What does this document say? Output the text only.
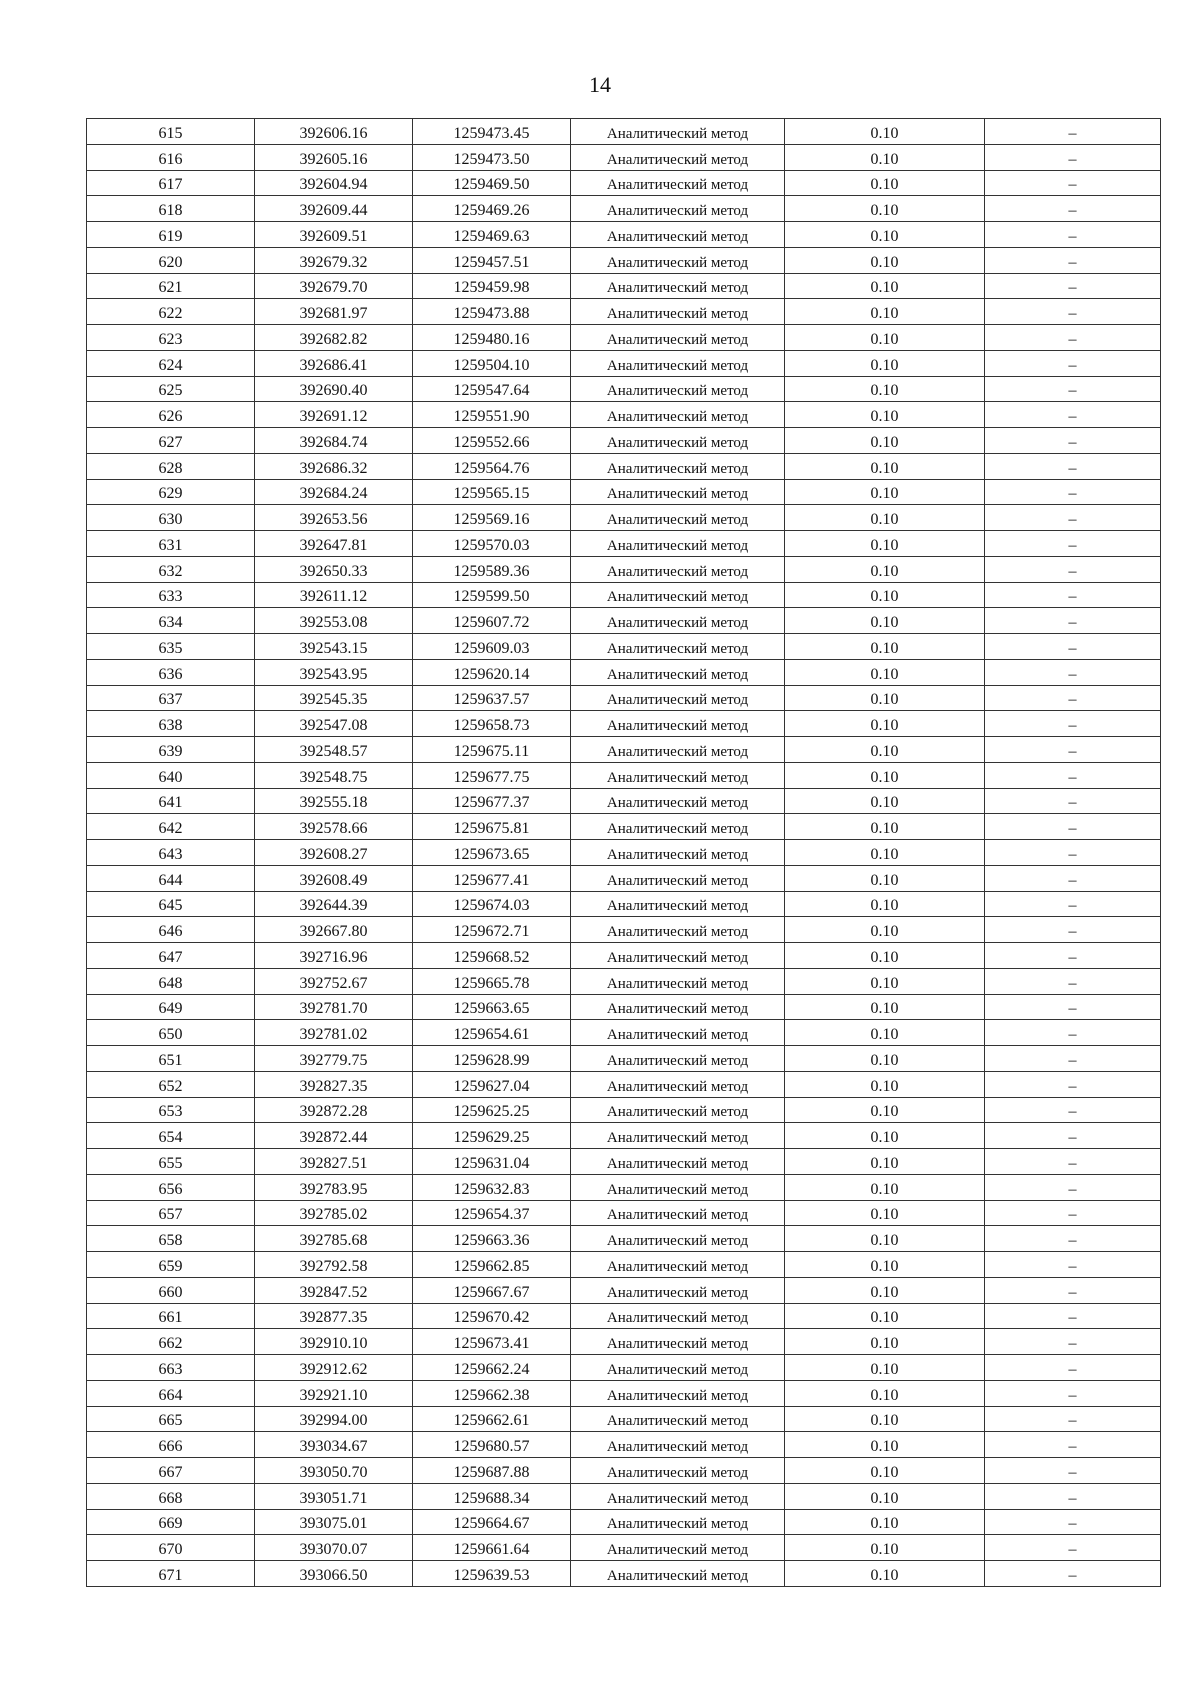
14
615	392606.16	1259473.45	Аналитический метод	0.10	–
616	392605.16	1259473.50	Аналитический метод	0.10	–
617	392604.94	1259469.50	Аналитический метод	0.10	–
618	392609.44	1259469.26	Аналитический метод	0.10	–
619	392609.51	1259469.63	Аналитический метод	0.10	–
620	392679.32	1259457.51	Аналитический метод	0.10	–
621	392679.70	1259459.98	Аналитический метод	0.10	–
622	392681.97	1259473.88	Аналитический метод	0.10	–
623	392682.82	1259480.16	Аналитический метод	0.10	–
624	392686.41	1259504.10	Аналитический метод	0.10	–
625	392690.40	1259547.64	Аналитический метод	0.10	–
626	392691.12	1259551.90	Аналитический метод	0.10	–
627	392684.74	1259552.66	Аналитический метод	0.10	–
628	392686.32	1259564.76	Аналитический метод	0.10	–
629	392684.24	1259565.15	Аналитический метод	0.10	–
630	392653.56	1259569.16	Аналитический метод	0.10	–
631	392647.81	1259570.03	Аналитический метод	0.10	–
632	392650.33	1259589.36	Аналитический метод	0.10	–
633	392611.12	1259599.50	Аналитический метод	0.10	–
634	392553.08	1259607.72	Аналитический метод	0.10	–
635	392543.15	1259609.03	Аналитический метод	0.10	–
636	392543.95	1259620.14	Аналитический метод	0.10	–
637	392545.35	1259637.57	Аналитический метод	0.10	–
638	392547.08	1259658.73	Аналитический метод	0.10	–
639	392548.57	1259675.11	Аналитический метод	0.10	–
640	392548.75	1259677.75	Аналитический метод	0.10	–
641	392555.18	1259677.37	Аналитический метод	0.10	–
642	392578.66	1259675.81	Аналитический метод	0.10	–
643	392608.27	1259673.65	Аналитический метод	0.10	–
644	392608.49	1259677.41	Аналитический метод	0.10	–
645	392644.39	1259674.03	Аналитический метод	0.10	–
646	392667.80	1259672.71	Аналитический метод	0.10	–
647	392716.96	1259668.52	Аналитический метод	0.10	–
648	392752.67	1259665.78	Аналитический метод	0.10	–
649	392781.70	1259663.65	Аналитический метод	0.10	–
650	392781.02	1259654.61	Аналитический метод	0.10	–
651	392779.75	1259628.99	Аналитический метод	0.10	–
652	392827.35	1259627.04	Аналитический метод	0.10	–
653	392872.28	1259625.25	Аналитический метод	0.10	–
654	392872.44	1259629.25	Аналитический метод	0.10	–
655	392827.51	1259631.04	Аналитический метод	0.10	–
656	392783.95	1259632.83	Аналитический метод	0.10	–
657	392785.02	1259654.37	Аналитический метод	0.10	–
658	392785.68	1259663.36	Аналитический метод	0.10	–
659	392792.58	1259662.85	Аналитический метод	0.10	–
660	392847.52	1259667.67	Аналитический метод	0.10	–
661	392877.35	1259670.42	Аналитический метод	0.10	–
662	392910.10	1259673.41	Аналитический метод	0.10	–
663	392912.62	1259662.24	Аналитический метод	0.10	–
664	392921.10	1259662.38	Аналитический метод	0.10	–
665	392994.00	1259662.61	Аналитический метод	0.10	–
666	393034.67	1259680.57	Аналитический метод	0.10	–
667	393050.70	1259687.88	Аналитический метод	0.10	–
668	393051.71	1259688.34	Аналитический метод	0.10	–
669	393075.01	1259664.67	Аналитический метод	0.10	–
670	393070.07	1259661.64	Аналитический метод	0.10	–
671	393066.50	1259639.53	Аналитический метод	0.10	–
